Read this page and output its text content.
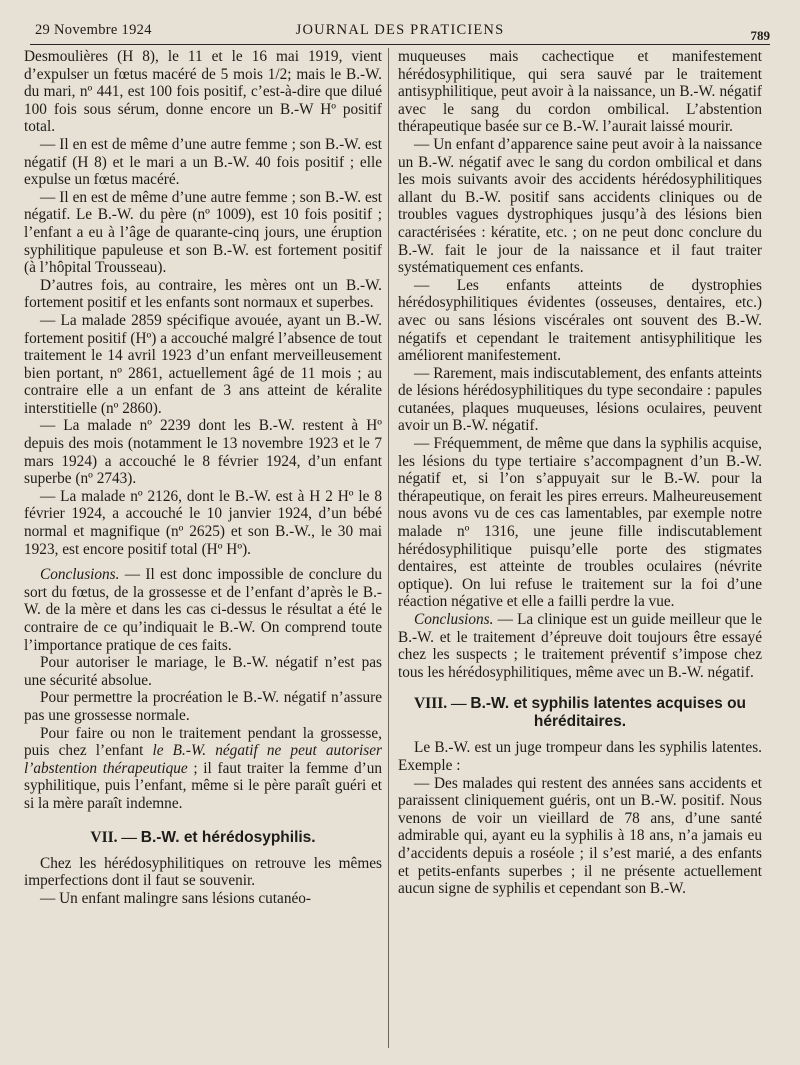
29 Novembre 1924	JOURNAL DES PRATICIENS	789

Desmoulières (H 8), le 11 et le 16 mai 1919, vient d’expulser un fœtus macéré de 5 mois 1/2; mais le B.-W. du mari, nº 441, est 100 fois positif, c’est-à-dire que dilué 100 fois sous sérum, donne encore un B.-W Hº positif total.

— Il en est de même d’une autre femme ; son B.-W. est négatif (H 8) et le mari a un B.-W. 40 fois positif ; elle expulse un fœtus macéré.

— Il en est de même d’une autre femme ; son B.-W. est négatif. Le B.-W. du père (nº 1009), est 10 fois positif ; l’enfant a eu à l’âge de quarante-cinq jours, une éruption syphilitique papuleuse et son B.-W. est fortement positif (à l’hôpital Trousseau).

D’autres fois, au contraire, les mères ont un B.-W. fortement positif et les enfants sont normaux et superbes.

— La malade 2859 spécifique avouée, ayant un B.-W. fortement positif (Hº) a accouché malgré l’absence de tout traitement le 14 avril 1923 d’un enfant merveilleusement bien portant, nº 2861, actuellement âgé de 11 mois ; au contraire elle a un enfant de 3 ans atteint de kéralite interstitielle (nº 2860).

— La malade nº 2239 dont les B.-W. restent à Hº depuis des mois (notamment le 13 novembre 1923 et le 7 mars 1924) a accouché le 8 février 1924, d’un enfant superbe (nº 2743).

— La malade nº 2126, dont le B.-W. est à H 2 Hº le 8 février 1924, a accouché le 10 janvier 1924, d’un bébé normal et magnifique (nº 2625) et son B.-W., le 30 mai 1923, est encore positif total (Hº Hº).

Conclusions. — Il est donc impossible de conclure du sort du fœtus, de la grossesse et de l’enfant d’après le B.-W. de la mère et dans les cas ci-dessus le résultat a été le contraire de ce qu’indiquait le B.-W. On comprend toute l’importance pratique de ces faits.

Pour autoriser le mariage, le B.-W. négatif n’est pas une sécurité absolue.

Pour permettre la procréation le B.-W. négatif n’assure pas une grossesse normale.

Pour faire ou non le traitement pendant la grossesse, puis chez l’enfant le B.-W. négatif ne peut autoriser l’abstention thérapeutique ; il faut traiter la femme d’un syphilitique, puis l’enfant, même si le père paraît guéri et si la mère paraît indemne.

VII. — B.-W. et hérédosyphilis.

Chez les hérédosyphilitiques on retrouve les mêmes imperfections dont il faut se souvenir.

— Un enfant malingre sans lésions cutanéo-

muqueuses mais cachectique et manifestement hérédosyphilitique, qui sera sauvé par le traitement antisyphilitique, peut avoir à la naissance, un B.-W. négatif avec le sang du cordon ombilical. L’abstention thérapeutique basée sur ce B.-W. l’aurait laissé mourir.

— Un enfant d’apparence saine peut avoir à la naissance un B.-W. négatif avec le sang du cordon ombilical et dans les mois suivants avoir des accidents hérédosyphilitiques allant du B.-W. positif sans accidents cliniques ou de troubles vagues dystrophiques jusqu’à des lésions bien caractérisées : kératite, etc. ; on ne peut donc conclure du B.-W. fait le jour de la naissance et il faut traiter systématiquement ces enfants.

— Les enfants atteints de dystrophies hérédosyphilitiques évidentes (osseuses, dentaires, etc.) avec ou sans lésions viscérales ont souvent des B.-W. négatifs et cependant le traitement antisyphilitique les améliorent manifestement.

— Rarement, mais indiscutablement, des enfants atteints de lésions hérédosyphilitiques du type secondaire : papules cutanées, plaques muqueuses, lésions oculaires, peuvent avoir un B.-W. négatif.

— Fréquemment, de même que dans la syphilis acquise, les lésions du type tertiaire s’accompagnent d’un B.-W. négatif et, si l’on s’appuyait sur le B.-W. pour la thérapeutique, on ferait les pires erreurs. Malheureusement nous avons vu de ces cas lamentables, par exemple notre malade nº 1316, une jeune fille indiscutablement hérédosyphilitique puisqu’elle porte des stigmates dentaires, est atteinte de troubles oculaires (névrite optique). On lui refuse le traitement sur la foi d’une réaction négative et elle a failli perdre la vue.

Conclusions. — La clinique est un guide meilleur que le B.-W. et le traitement d’épreuve doit toujours être essayé chez les suspects ; le traitement préventif s’impose chez tous les hérédosyphilitiques, même avec un B.-W. négatif.

VIII. — B.-W. et syphilis latentes acquises ou héréditaires.

Le B.-W. est un juge trompeur dans les syphilis latentes. Exemple :

— Des malades qui restent des années sans accidents et paraissent cliniquement guéris, ont un B.-W. positif. Nous venons de voir un vieillard de 78 ans, d’une santé admirable qui, ayant eu la syphilis à 18 ans, n’a jamais eu d’accidents depuis a roséole ; il s’est marié, a des enfants et petits-enfants superbes ; il ne présente actuellement aucun signe de syphilis et cependant son B.-W.
